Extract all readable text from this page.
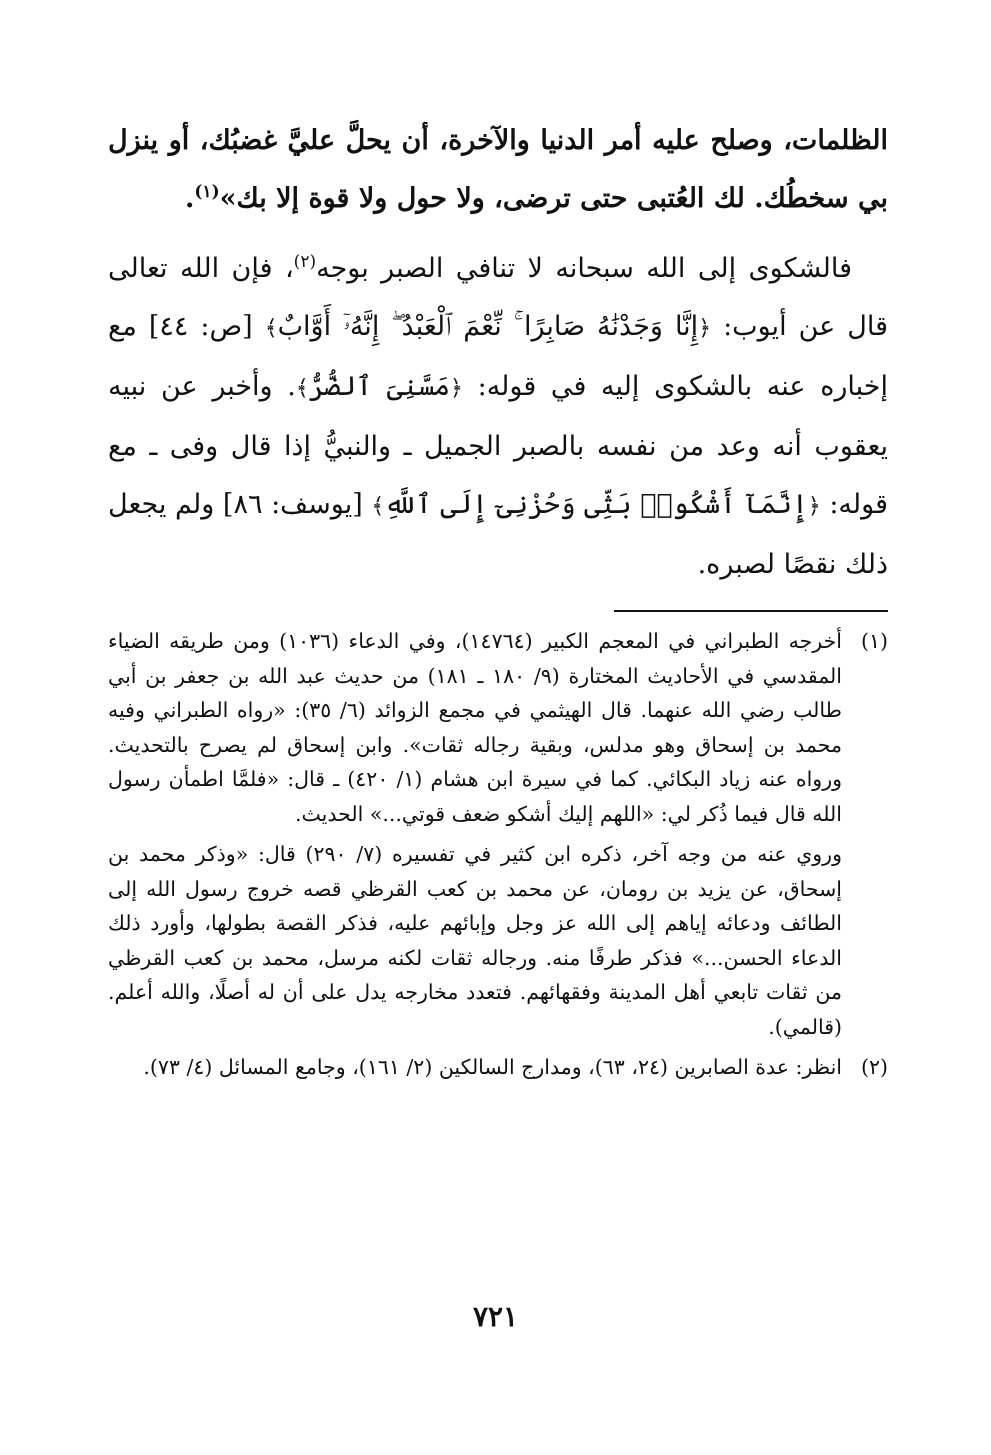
الظلمات، وصلح عليه أمر الدنيا والآخرة، أن يحلَّ عليَّ غضبُك، أو ينزل بي سخطُك. لك العُتبى حتى ترضى، ولا حول ولا قوة إلا بك»$^{(١)}$.

فالشكوى إلى الله سبحانه لا تنافي الصبر بوجه$^{(٢)}$، فإن الله تعالى قال عن أيوب: ﴿إِنَّا وَجَدْنَٰهُ صَابِرًا ۚ نِّعْمَ ٱلْعَبْدُ ۖ إِنَّهُۥٓ أَوَّابٌ﴾ [ص: ٤٤] مع إخباره عنه بالشكوى إليه في قوله: ﴿مَسَّنِىَ ٱلضُّرُّ﴾. وأخبر عن نبيه يعقوب أنه وعد من نفسه بالصبر الجميل ـ والنبيُّ إذا قال وفى ـ مع قوله: ﴿إِنَّمَآ أَشْكُوا۟ بَثِّى وَحُزْنِىٓ إِلَى ٱللَّهِ﴾ [يوسف: ٨٦] ولم يجعل ذلك نقصًا لصبره.

(١)

أخرجه الطبراني في المعجم الكبير (١٤٧٦٤)، وفي الدعاء (١٠٣٦) ومن طريقه الضياء المقدسي في الأحاديث المختارة (٩/ ١٨٠ ـ ١٨١) من حديث عبد الله بن جعفر بن أبي طالب رضي الله عنهما. قال الهيثمي في مجمع الزوائد (٦/ ٣٥): «رواه الطبراني وفيه محمد بن إسحاق وهو مدلس، وبقية رجاله ثقات». وابن إسحاق لم يصرح بالتحديث. ورواه عنه زياد البكائي. كما في سيرة ابن هشام (١/ ٤٢٠) ـ قال: «فلمَّا اطمأن رسول الله قال فيما ذُكر لي: «اللهم إليك أشكو ضعف قوتي...» الحديث.

وروي عنه من وجه آخر، ذكره ابن كثير في تفسيره (٧/ ٢٩٠) قال: «وذكر محمد بن إسحاق، عن يزيد بن رومان، عن محمد بن كعب القرظي قصه خروج رسول الله إلى الطائف ودعائه إياهم إلى الله عز وجل وإبائهم عليه، فذكر القصة بطولها، وأورد ذلك الدعاء الحسن...» فذكر طرفًا منه. ورجاله ثقات لكنه مرسل، محمد بن كعب القرظي من ثقات تابعي أهل المدينة وفقهائهم. فتعدد مخارجه يدل على أن له أصلًا، والله أعلم. (قالمي).

(٢)

انظر: عدة الصابرين (٢٤، ٦٣)، ومدارج السالكين (٢/ ١٦١)، وجامع المسائل (٤/ ٧٣).

٧٢١
